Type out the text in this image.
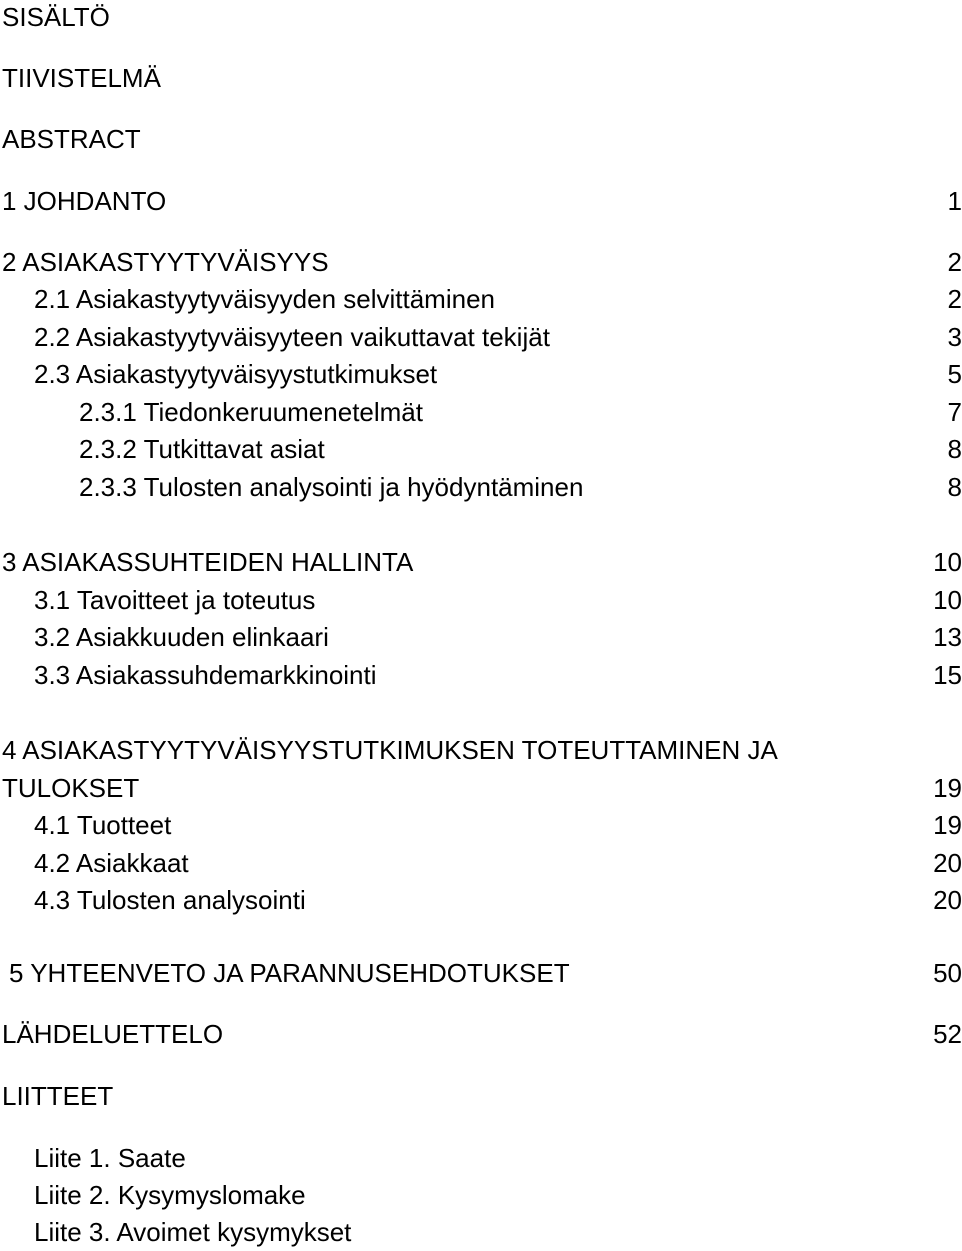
SISÄLTÖ
TIIVISTELMÄ
ABSTRACT
1 JOHDANTO	1
2 ASIAKASTYYTYVÄISYYS	2
2.1 Asiakastyytyväisyyden selvittäminen	2
2.2 Asiakastyytyväisyyteen vaikuttavat tekijät	3
2.3 Asiakastyytyväisyystutkimukset	5
2.3.1 Tiedonkeruumenetelmät	7
2.3.2 Tutkittavat asiat	8
2.3.3 Tulosten analysointi ja hyödyntäminen	8
3 ASIAKASSUHTEIDEN HALLINTA	10
3.1 Tavoitteet ja toteutus	10
3.2 Asiakkuuden elinkaari	13
3.3 Asiakassuhdemarkkinointi	15
4 ASIAKASTYYTYVÄISYYSTUTKIMUKSEN TOTEUTTAMINEN JA
TULOKSET	19
4.1 Tuotteet	19
4.2 Asiakkaat	20
4.3 Tulosten analysointi	20
5 YHTEENVETO JA PARANNUSEHDOTUKSET	50
LÄHDELUETTELO	52
LIITTEET
Liite 1. Saate
Liite 2. Kysymyslomake
Liite 3. Avoimet kysymykset
